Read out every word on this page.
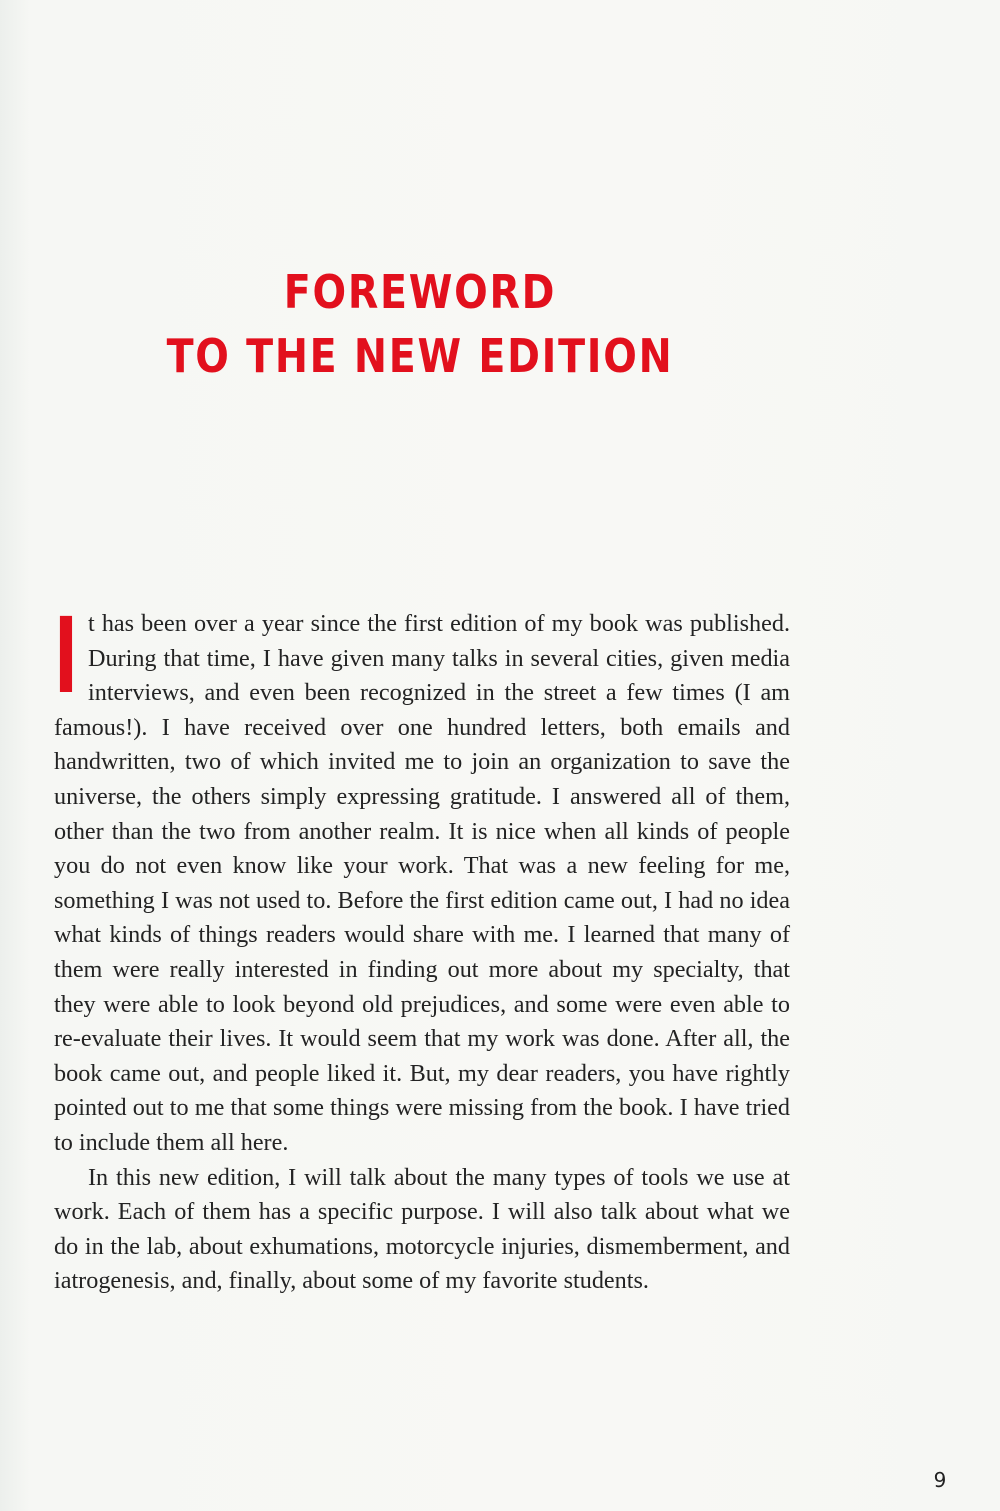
FOREWORD
TO THE NEW EDITION

It has been over a year since the first edition of my book was published. During that time, I have given many talks in several cities, given media interviews, and even been recognized in the street a few times (I am famous!). I have received over one hundred letters, both emails and handwritten, two of which invited me to join an organization to save the universe, the others simply expressing gratitude. I answered all of them, other than the two from another realm. It is nice when all kinds of people you do not even know like your work. That was a new feeling for me, something I was not used to. Before the first edition came out, I had no idea what kinds of things readers would share with me. I learned that many of them were really interested in finding out more about my specialty, that they were able to look beyond old prejudices, and some were even able to re-evaluate their lives. It would seem that my work was done. After all, the book came out, and people liked it. But, my dear readers, you have rightly pointed out to me that some things were missing from the book. I have tried to include them all here.

In this new edition, I will talk about the many types of tools we use at work. Each of them has a specific purpose. I will also talk about what we do in the lab, about exhumations, motorcycle injuries, dismemberment, and iatrogenesis, and, finally, about some of my favorite students.

9
